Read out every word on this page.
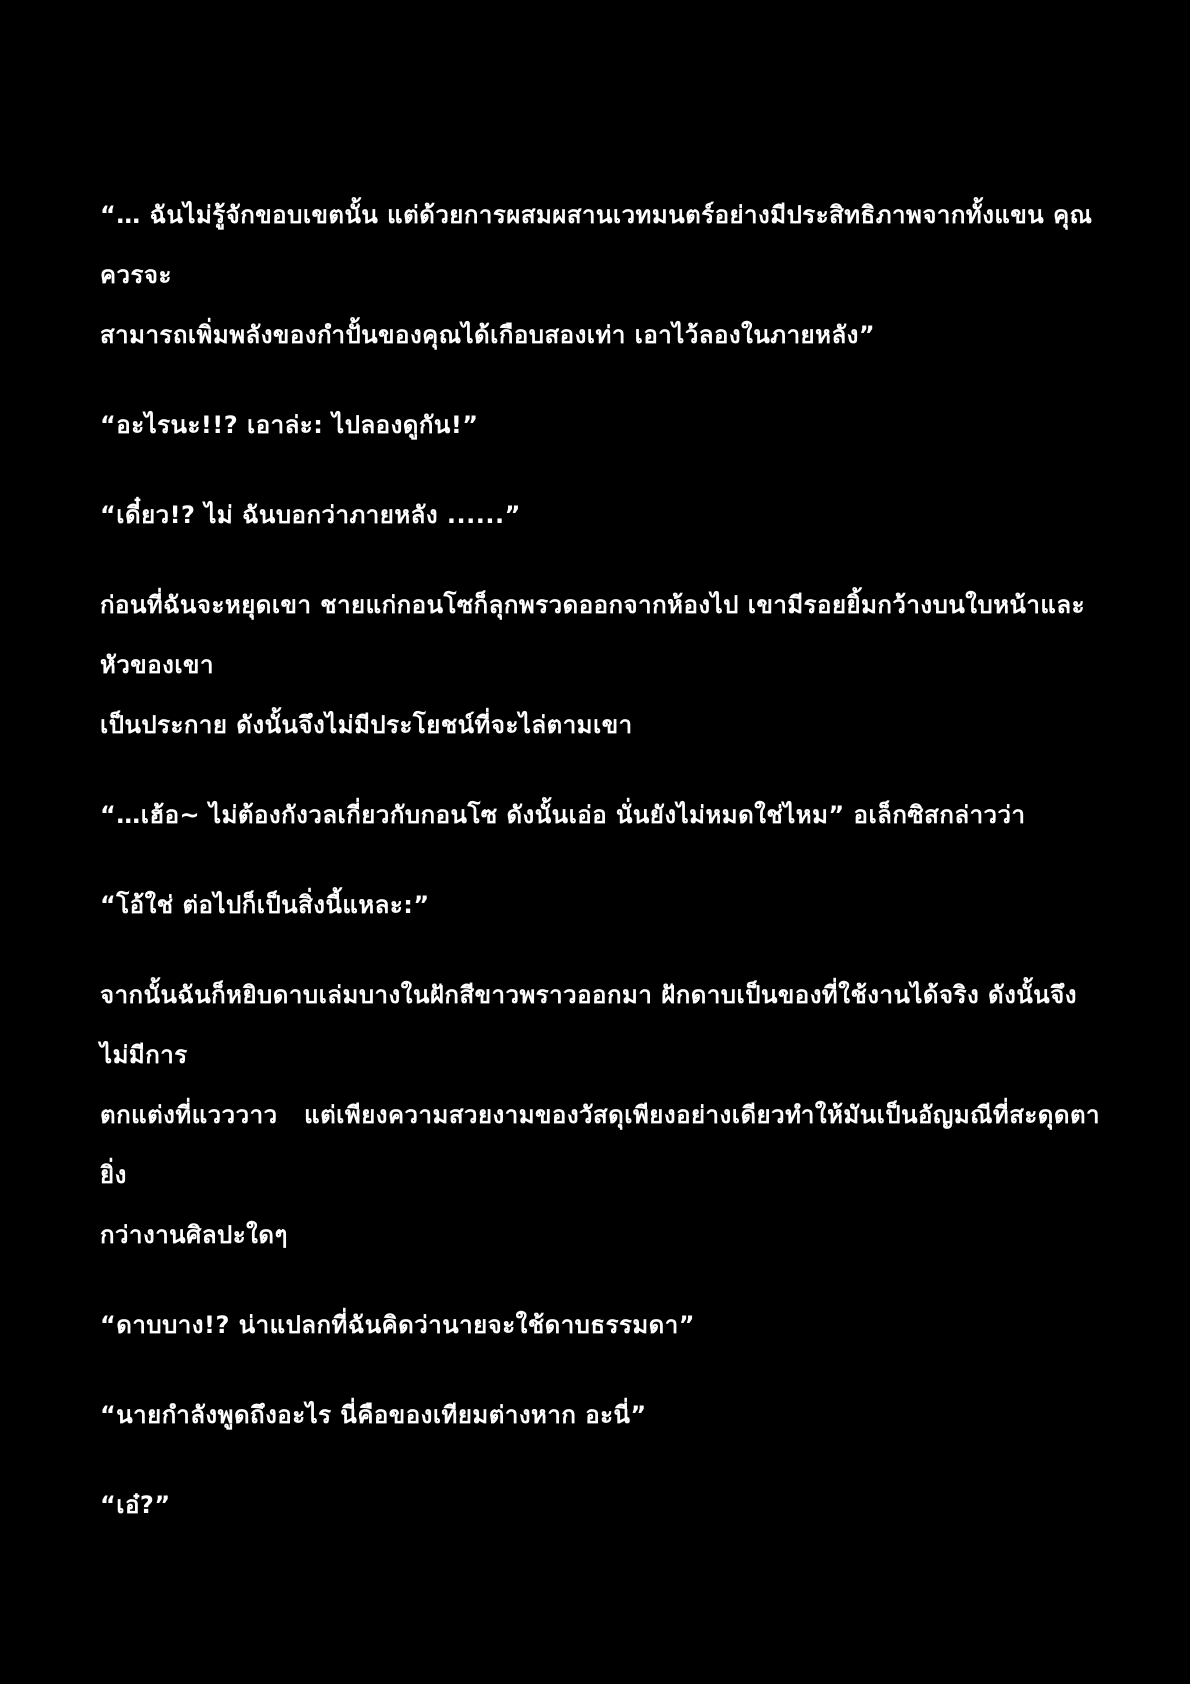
“… ฉันไม่รู้จักขอบเขตนั้น แต่ด้วยการผสมผสานเวทมนตร์อย่างมีประสิทธิภาพจากทั้งแขน คุณควรจะ
สามารถเพิ่มพลังของกำปั้นของคุณได้เกือบสองเท่า เอาไว้ลองในภายหลัง”
“อะไรนะ!!? เอาล่ะ: ไปลองดูกัน!”
“เดี๋ยว!? ไม่ ฉันบอกว่าภายหลัง ......”
ก่อนที่ฉันจะหยุดเขา ชายแก่กอนโซก็ลุกพรวดออกจากห้องไป เขามีรอยยิ้มกว้างบนใบหน้าและหัวของเขา
เป็นประกาย ดังนั้นจึงไม่มีประโยชน์ที่จะไล่ตามเขา
“…เฮ้อ~ ไม่ต้องกังวลเกี่ยวกับกอนโซ ดังนั้นเอ่อ นั่นยังไม่หมดใช่ไหม” อเล็กซิสกล่าวว่า
“โอ้ใช่ ต่อไปก็เป็นสิ่งนี้แหละ:”
จากนั้นฉันก็หยิบดาบเล่มบางในฝักสีขาวพราวออกมา ฝักดาบเป็นของที่ใช้งานได้จริง ดังนั้นจึงไม่มีการ
ตกแต่งที่แวววาว   แต่เพียงความสวยงามของวัสดุเพียงอย่างเดียวทำให้มันเป็นอัญมณีที่สะดุดตายิ่ง
กว่างานศิลปะใดๆ
“ดาบบาง!? น่าแปลกที่ฉันคิดว่านายจะใช้ดาบธรรมดา”
“นายกำลังพูดถึงอะไร นี่คือของเทียมต่างหาก อะนี่”
“เอ๋?”
